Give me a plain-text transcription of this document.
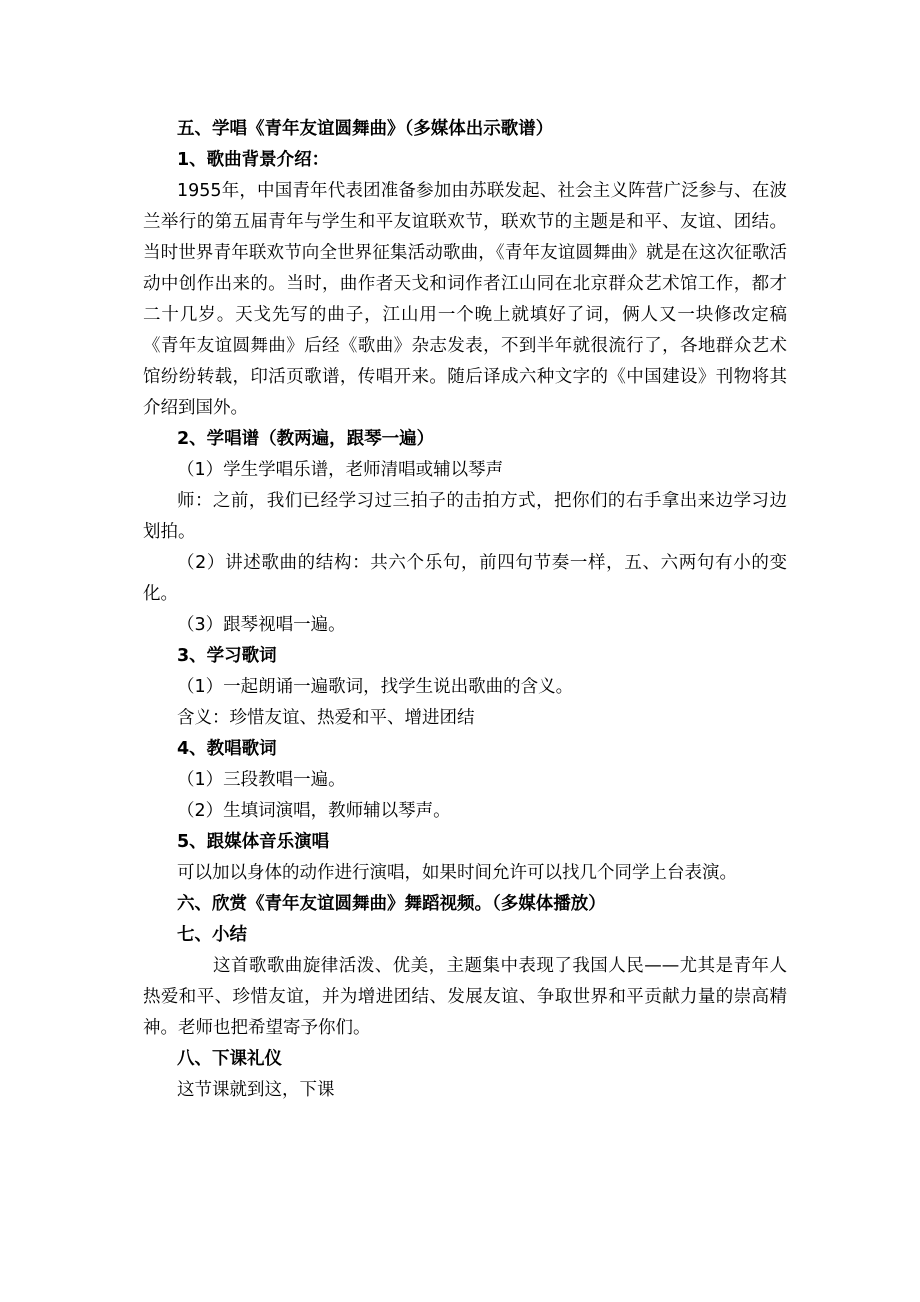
五、学唱《青年友谊圆舞曲》（多媒体出示歌谱）
1、歌曲背景介绍：
1955年，中国青年代表团准备参加由苏联发起、社会主义阵营广泛参与、在波兰举行的第五届青年与学生和平友谊联欢节，联欢节的主题是和平、友谊、团结。当时世界青年联欢节向全世界征集活动歌曲，《青年友谊圆舞曲》就是在这次征歌活动中创作出来的。当时，曲作者天戈和词作者江山同在北京群众艺术馆工作，都才二十几岁。天戈先写的曲子，江山用一个晚上就填好了词，俩人又一块修改定稿《青年友谊圆舞曲》后经《歌曲》杂志发表，不到半年就很流行了，各地群众艺术馆纷纷转载，印活页歌谱，传唱开来。随后译成六种文字的《中国建设》刊物将其介绍到国外。
2、学唱谱（教两遍，跟琴一遍）
（1）学生学唱乐谱，老师清唱或辅以琴声
师：之前，我们已经学习过三拍子的击拍方式，把你们的右手拿出来边学习边划拍。
（2）讲述歌曲的结构：共六个乐句，前四句节奏一样，五、六两句有小的变化。
（3）跟琴视唱一遍。
3、学习歌词
（1）一起朗诵一遍歌词，找学生说出歌曲的含义。
含义：珍惜友谊、热爱和平、增进团结
4、教唱歌词
（1）三段教唱一遍。
（2）生填词演唱，教师辅以琴声。
5、跟媒体音乐演唱
可以加以身体的动作进行演唱，如果时间允许可以找几个同学上台表演。
六、欣赏《青年友谊圆舞曲》舞蹈视频。（多媒体播放）
七、小结
这首歌歌曲旋律活泼、优美，主题集中表现了我国人民——尤其是青年人热爱和平、珍惜友谊，并为增进团结、发展友谊、争取世界和平贡献力量的崇高精神。老师也把希望寄予你们。
八、下课礼仪
这节课就到这，下课
